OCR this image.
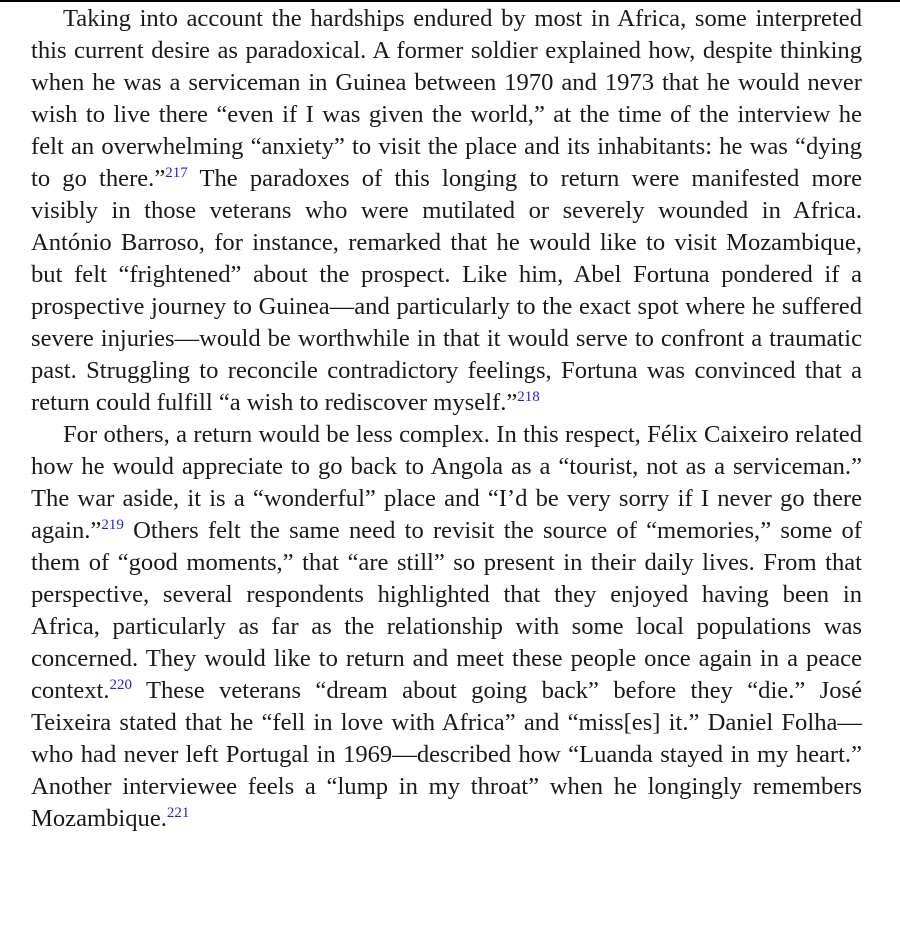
Taking into account the hardships endured by most in Africa, some interpreted this current desire as paradoxical. A former soldier explained how, despite thinking when he was a serviceman in Guinea between 1970 and 1973 that he would never wish to live there “even if I was given the world,” at the time of the interview he felt an overwhelming “anxiety” to visit the place and its inhabitants: he was “dying to go there.”$^{217}$ The paradoxes of this longing to return were manifested more visibly in those veterans who were mutilated or severely wounded in Africa. António Barroso, for instance, remarked that he would like to visit Mozambique, but felt “frightened” about the prospect. Like him, Abel Fortuna pondered if a prospective journey to Guinea—and particularly to the exact spot where he suffered severe injuries—would be worthwhile in that it would serve to confront a traumatic past. Struggling to reconcile contradictory feelings, Fortuna was convinced that a return could fulfill “a wish to rediscover myself.”$^{218}$

For others, a return would be less complex. In this respect, Félix Caixeiro related how he would appreciate to go back to Angola as a “tourist, not as a serviceman.” The war aside, it is a “wonderful” place and “I’d be very sorry if I never go there again.”$^{219}$ Others felt the same need to revisit the source of “memories,” some of them of “good moments,” that “are still” so present in their daily lives. From that perspective, several respondents highlighted that they enjoyed having been in Africa, particularly as far as the relationship with some local populations was concerned. They would like to return and meet these people once again in a peace context.$^{220}$ These veterans “dream about going back” before they “die.” José Teixeira stated that he “fell in love with Africa” and “miss[es] it.” Daniel Folha—who had never left Portugal in 1969—described how “Luanda stayed in my heart.” Another interviewee feels a “lump in my throat” when he longingly remembers Mozambique.$^{221}$
